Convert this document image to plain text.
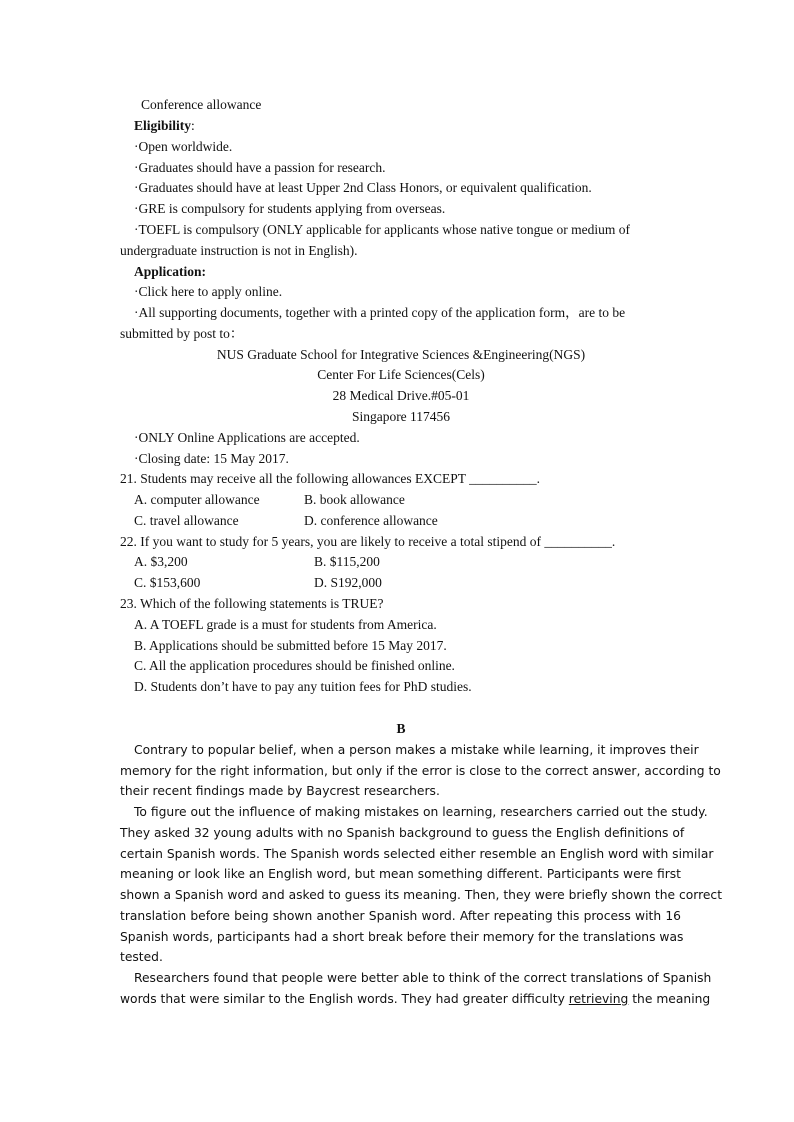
Conference allowance
Eligibility:
·Open worldwide.
·Graduates should have a passion for research.
·Graduates should have at least Upper 2nd Class Honors, or equivalent qualification.
·GRE is compulsory for students applying from overseas.
·TOEFL is compulsory (ONLY applicable for applicants whose native tongue or medium of
undergraduate instruction is not in English).
Application:
·Click here to apply online.
·All supporting documents, together with a printed copy of the application form，are to be
submitted by post to：
NUS Graduate School for Integrative Sciences &Engineering(NGS)
Center For Life Sciences(Cels)
28 Medical Drive.#05-01
Singapore 117456
·ONLY Online Applications are accepted.
·Closing date: 15 May 2017.
21. Students may receive all the following allowances EXCEPT __________.
A. computer allowance	B. book allowance
C. travel allowance	D. conference allowance
22. If you want to study for 5 years, you are likely to receive a total stipend of __________.
A. $3,200	B. $115,200
C. $153,600	D. S192,000
23. Which of the following statements is TRUE?
A. A TOEFL grade is a must for students from America.
B. Applications should be submitted before 15 May 2017.
C. All the application procedures should be finished online.
D. Students don’t have to pay any tuition fees for PhD studies.
B
Contrary to popular belief, when a person makes a mistake while learning, it improves their
memory for the right information, but only if the error is close to the correct answer, according to
their recent findings made by Baycrest researchers.
To figure out the influence of making mistakes on learning, researchers carried out the study.
They asked 32 young adults with no Spanish background to guess the English definitions of
certain Spanish words. The Spanish words selected either resemble an English word with similar
meaning or look like an English word, but mean something different. Participants were first
shown a Spanish word and asked to guess its meaning. Then, they were briefly shown the correct
translation before being shown another Spanish word. After repeating this process with 16
Spanish words, participants had a short break before their memory for the translations was
tested.
Researchers found that people were better able to think of the correct translations of Spanish
words that were similar to the English words. They had greater difficulty retrieving the meaning
